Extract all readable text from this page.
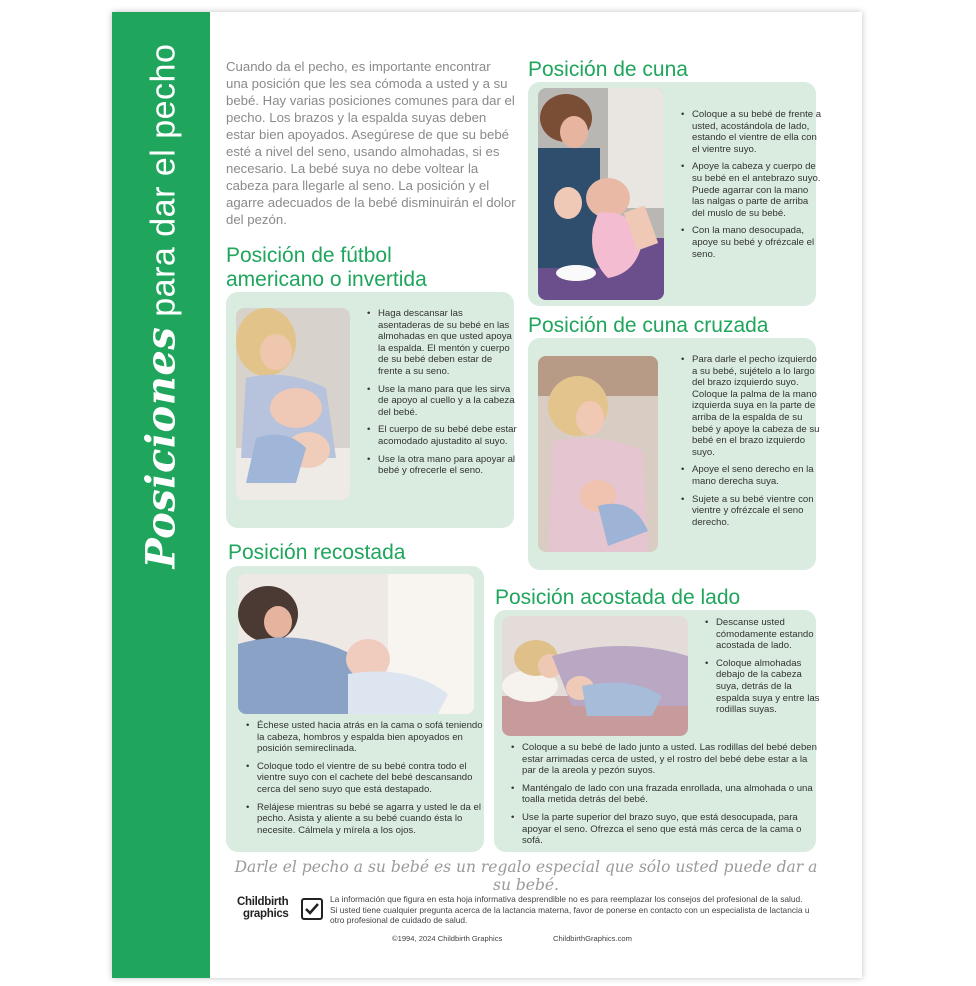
Posiciones para dar el pecho	Cuando da el pecho, es importante encontrar una posición que les sea cómoda a usted y a su bebé. Hay varias posiciones comunes para dar el pecho. Los brazos y la espalda suyas deben estar bien apoyados. Asegúrese de que su bebé esté a nivel del seno, usando almohadas, si es necesario. La bebé suya no debe voltear la cabeza para llegarle al seno. La posición y el agarre adecuados de la bebé disminuirán el dolor del pezón.
Posición de cuna
• Coloque a su bebé de frente a usted, acostándola de lado, estando el vientre de ella con el vientre suyo.
• Apoye la cabeza y cuerpo de su bebé en el antebrazo suyo. Puede agarrar con la mano las nalgas o parte de arriba del muslo de su bebé.
• Con la mano desocupada, apoye su bebé y ofrézcale el seno.
Posición de fútbol
americano o invertida
• Haga descansar las asentaderas de su bebé en las almohadas en que usted apoya la espalda. El mentón y cuerpo de su bebé deben estar de frente a su seno.
• Use la mano para que les sirva de apoyo al cuello y a la cabeza del bebé.
• El cuerpo de su bebé debe estar acomodado ajustadito al suyo.
• Use la otra mano para apoyar al bebé y ofrecerle el seno.
Posición de cuna cruzada
• Para darle el pecho izquierdo a su bebé, sujételo a lo largo del brazo izquierdo suyo. Coloque la palma de la mano izquierda suya en la parte de arriba de la espalda de su bebé y apoye la cabeza de su bebé en el brazo izquierdo suyo.
• Apoye el seno derecho en la mano derecha suya.
• Sujete a su bebé vientre con vientre y ofrézcale el seno derecho.
Posición recostada
• Échese usted hacia atrás en la cama o sofá teniendo la cabeza, hombros y espalda bien apoyados en posición semireclinada.
• Coloque todo el vientre de su bebé contra todo el vientre suyo con el cachete del bebé descansando cerca del seno suyo que está destapado.
• Relájese mientras su bebé se agarra y usted le da el pecho. Asista y aliente a su bebé cuando ésta lo necesite. Cálmela y mírela a los ojos.
Posición acostada de lado
• Descanse usted cómodamente estando acostada de lado.
• Coloque almohadas debajo de la cabeza suya, detrás de la espalda suya y entre las rodillas suyas.
• Coloque a su bebé de lado junto a usted. Las rodillas del bebé deben estar arrimadas cerca de usted, y el rostro del bebé debe estar a la par de la areola y pezón suyos.
• Manténgalo de lado con una frazada enrollada, una almohada o una toalla metida detrás del bebé.
• Use la parte superior del brazo suyo, que está desocupada, para apoyar el seno. Ofrezca el seno que está más cerca de la cama o sofá.
Darle el pecho a su bebé es un regalo especial que sólo usted puede dar a su bebé.
Childbirth
graphics
La información que figura en esta hoja informativa desprendible no es para reemplazar los consejos del profesional de la salud. Si usted tiene cualquier pregunta acerca de la lactancia materna, favor de ponerse en contacto con un especialista de lactancia u otro profesional de cuidado de salud.
©1994, 2024 Childbirth Graphics	ChildbirthGraphics.com
